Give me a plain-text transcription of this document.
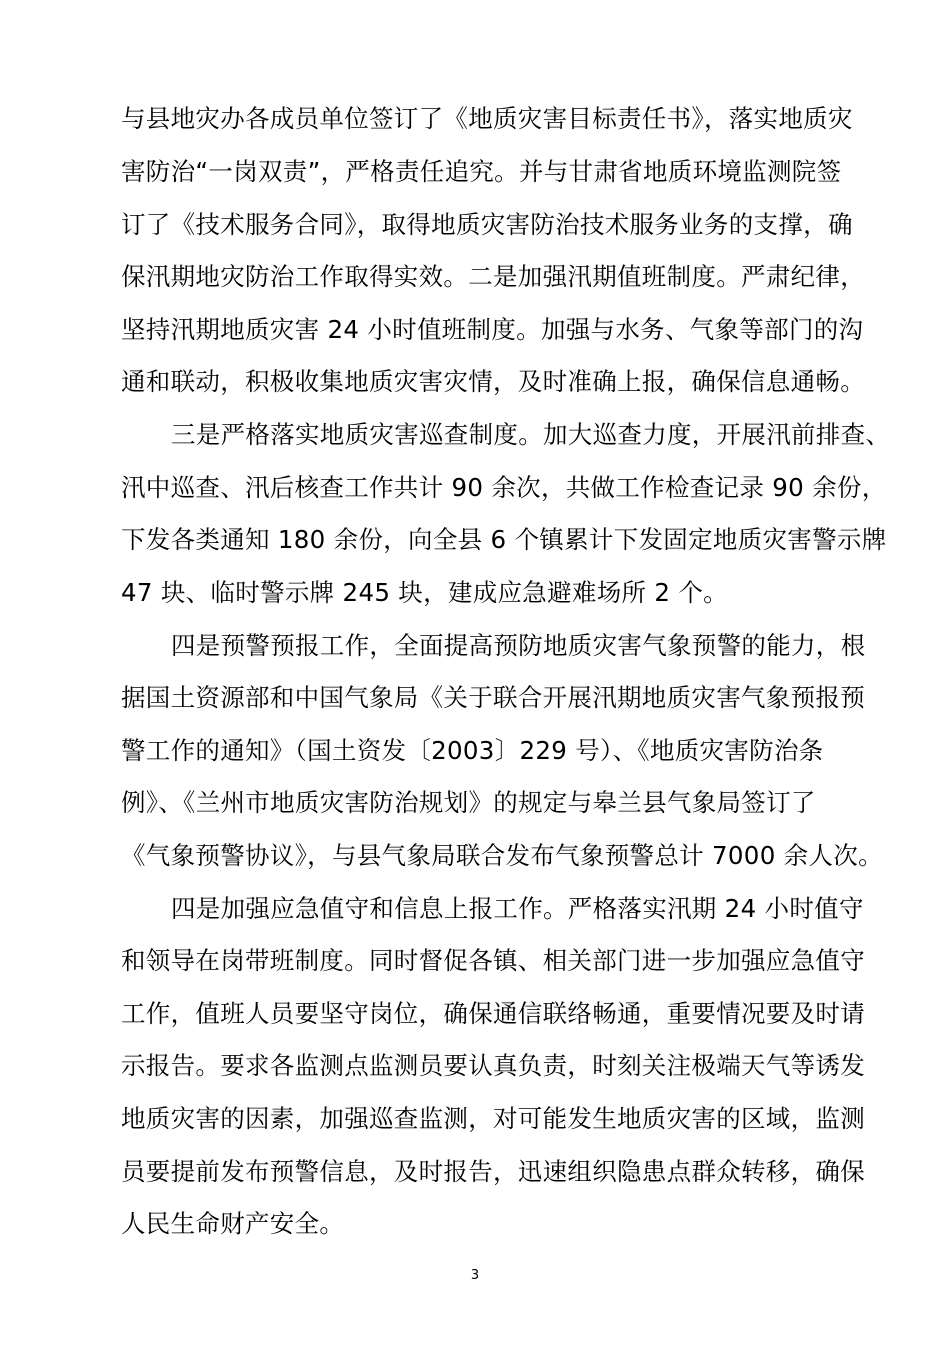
与县地灾办各成员单位签订了《地质灾害目标责任书》，落实地质灾
害防治“一岗双责”，严格责任追究。并与甘肃省地质环境监测院签
订了《技术服务合同》，取得地质灾害防治技术服务业务的支撑，确
保汛期地灾防治工作取得实效。二是加强汛期值班制度。严肃纪律，
坚持汛期地质灾害 24 小时值班制度。加强与水务、气象等部门的沟
通和联动，积极收集地质灾害灾情，及时准确上报，确保信息通畅。
三是严格落实地质灾害巡查制度。加大巡查力度，开展汛前排查、
汛中巡查、汛后核查工作共计 90 余次，共做工作检查记录 90 余份，
下发各类通知 180 余份，向全县 6 个镇累计下发固定地质灾害警示牌
47 块、临时警示牌 245 块，建成应急避难场所 2 个。
四是预警预报工作，全面提高预防地质灾害气象预警的能力，根
据国土资源部和中国气象局《关于联合开展汛期地质灾害气象预报预
警工作的通知》（国土资发〔2003〕229 号）、《地质灾害防治条
例》、《兰州市地质灾害防治规划》的规定与皋兰县气象局签订了
《气象预警协议》，与县气象局联合发布气象预警总计 7000 余人次。
四是加强应急值守和信息上报工作。严格落实汛期 24 小时值守
和领导在岗带班制度。同时督促各镇、相关部门进一步加强应急值守
工作，值班人员要坚守岗位，确保通信联络畅通，重要情况要及时请
示报告。要求各监测点监测员要认真负责，时刻关注极端天气等诱发
地质灾害的因素，加强巡查监测，对可能发生地质灾害的区域，监测
员要提前发布预警信息，及时报告，迅速组织隐患点群众转移，确保
人民生命财产安全。
3
